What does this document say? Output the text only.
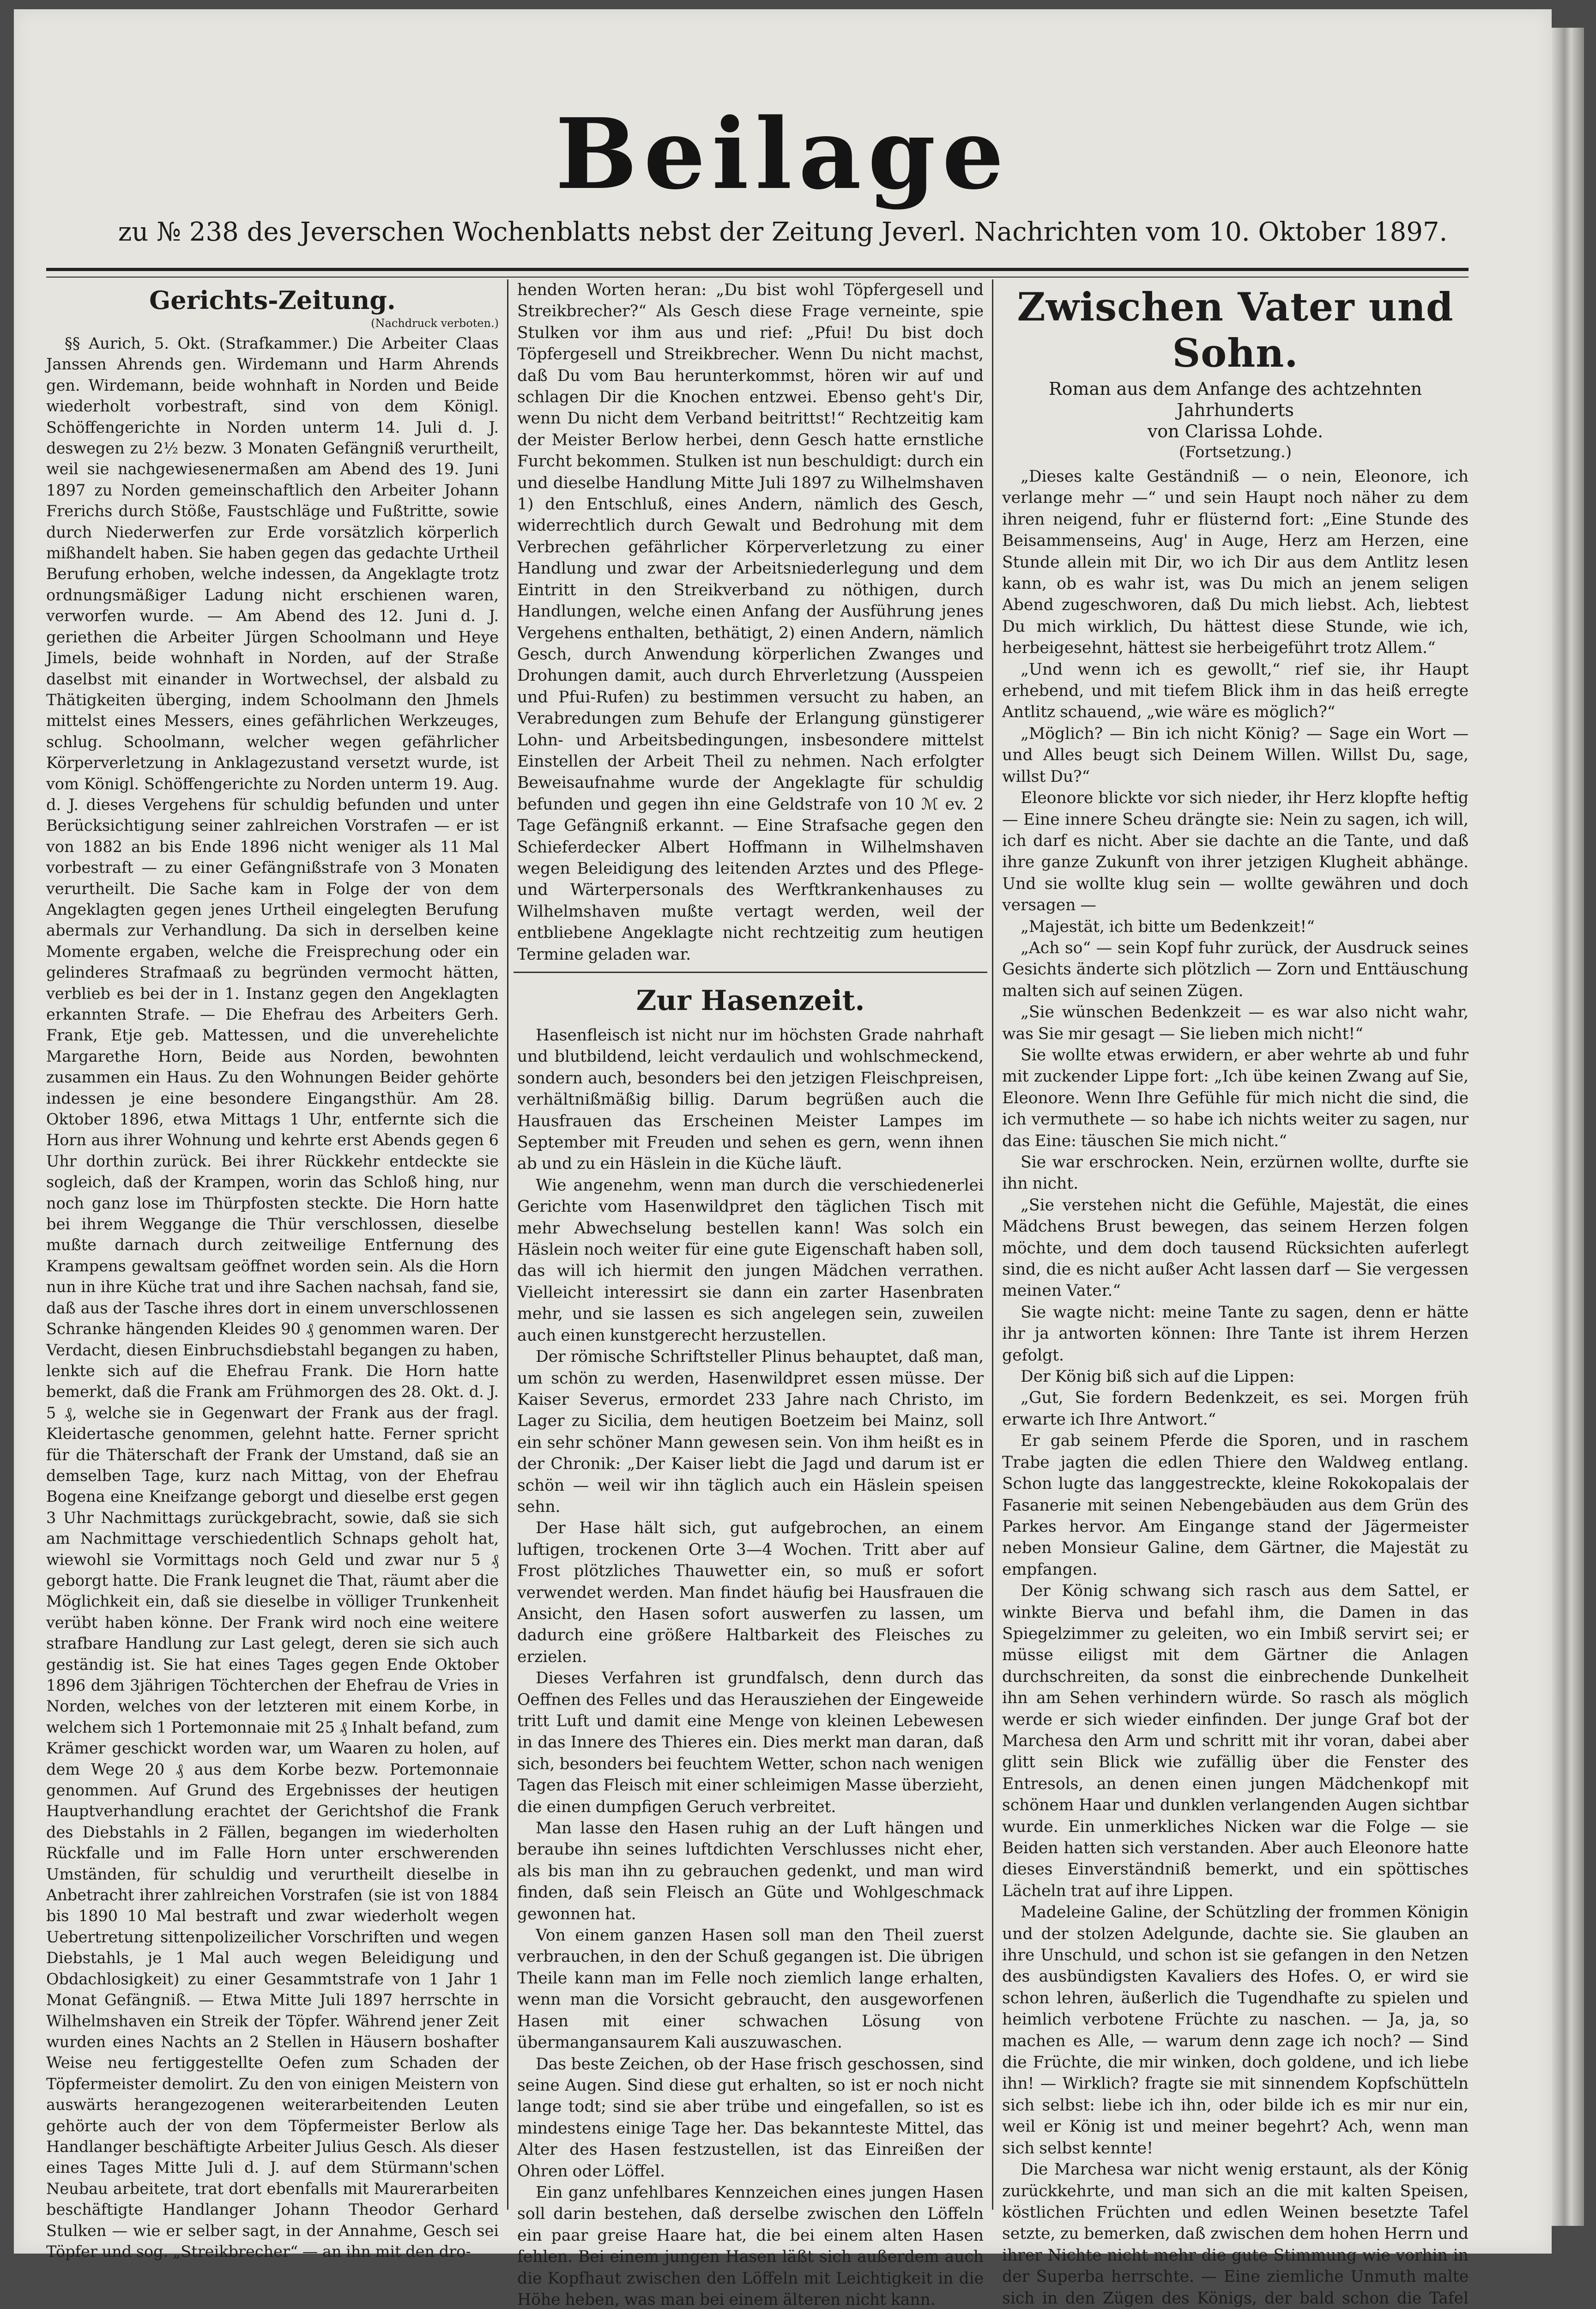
Beilage
zu № 238 des Jeverschen Wochenblatts nebst der Zeitung Jeverl. Nachrichten vom 10. Oktober 1897.
Gerichts-Zeitung.

(Nachdruck verboten.)

§§ Aurich, 5. Okt. (Strafkammer.) Die Arbeiter Claas Janssen Ahrends gen. Wirdemann und Harm Ahrends gen. Wirdemann, beide wohnhaft in Norden und Beide wiederholt vorbestraft, sind von dem Königl. Schöffengerichte in Norden unterm 14. Juli d. J. deswegen zu 2½ bezw. 3 Monaten Gefängniß verurtheilt, weil sie nachgewiesenermaßen am Abend des 19. Juni 1897 zu Norden gemeinschaftlich den Arbeiter Johann Frerichs durch Stöße, Faustschläge und Fußtritte, sowie durch Niederwerfen zur Erde vorsätzlich körperlich mißhandelt haben. Sie haben gegen das gedachte Urtheil Berufung erhoben, welche indessen, da Angeklagte trotz ordnungsmäßiger Ladung nicht erschienen waren, verworfen wurde. — Am Abend des 12. Juni d. J. geriethen die Arbeiter Jürgen Schoolmann und Heye Jimels, beide wohnhaft in Norden, auf der Straße daselbst mit einander in Wortwechsel, der alsbald zu Thätigkeiten überging, indem Schoolmann den Jhmels mittelst eines Messers, eines gefährlichen Werkzeuges, schlug. Schoolmann, welcher wegen gefährlicher Körperverletzung in Anklagezustand versetzt wurde, ist vom Königl. Schöffengerichte zu Norden unterm 19. Aug. d. J. dieses Vergehens für schuldig befunden und unter Berücksichtigung seiner zahlreichen Vorstrafen — er ist von 1882 an bis Ende 1896 nicht weniger als 11 Mal vorbestraft — zu einer Gefängnißstrafe von 3 Monaten verurtheilt. Die Sache kam in Folge der von dem Angeklagten gegen jenes Urtheil eingelegten Berufung abermals zur Verhandlung. Da sich in derselben keine Momente ergaben, welche die Freisprechung oder ein gelinderes Strafmaaß zu begründen vermocht hätten, verblieb es bei der in 1. Instanz gegen den Angeklagten erkannten Strafe. — Die Ehefrau des Arbeiters Gerh. Frank, Etje geb. Mattessen, und die unverehelichte Margarethe Horn, Beide aus Norden, bewohnten zusammen ein Haus. Zu den Wohnungen Beider gehörte indessen je eine besondere Eingangsthür. Am 28. Oktober 1896, etwa Mittags 1 Uhr, entfernte sich die Horn aus ihrer Wohnung und kehrte erst Abends gegen 6 Uhr dorthin zurück. Bei ihrer Rückkehr entdeckte sie sogleich, daß der Krampen, worin das Schloß hing, nur noch ganz lose im Thürpfosten steckte. Die Horn hatte bei ihrem Weggange die Thür verschlossen, dieselbe mußte darnach durch zeitweilige Entfernung des Krampens gewaltsam geöffnet worden sein. Als die Horn nun in ihre Küche trat und ihre Sachen nachsah, fand sie, daß aus der Tasche ihres dort in einem unverschlossenen Schranke hängenden Kleides 90 ₰ genommen waren. Der Verdacht, diesen Einbruchsdiebstahl begangen zu haben, lenkte sich auf die Ehefrau Frank. Die Horn hatte bemerkt, daß die Frank am Frühmorgen des 28. Okt. d. J. 5 ₰, welche sie in Gegenwart der Frank aus der fragl. Kleidertasche genommen, gelehnt hatte. Ferner spricht für die Thäterschaft der Frank der Umstand, daß sie an demselben Tage, kurz nach Mittag, von der Ehefrau Bogena eine Kneifzange geborgt und dieselbe erst gegen 3 Uhr Nachmittags zurückgebracht, sowie, daß sie sich am Nachmittage verschiedentlich Schnaps geholt hat, wiewohl sie Vormittags noch Geld und zwar nur 5 ₰ geborgt hatte. Die Frank leugnet die That, räumt aber die Möglichkeit ein, daß sie dieselbe in völliger Trunkenheit verübt haben könne. Der Frank wird noch eine weitere strafbare Handlung zur Last gelegt, deren sie sich auch geständig ist. Sie hat eines Tages gegen Ende Oktober 1896 dem 3jährigen Töchterchen der Ehefrau de Vries in Norden, welches von der letzteren mit einem Korbe, in welchem sich 1 Portemonnaie mit 25 ₰ Inhalt befand, zum Krämer geschickt worden war, um Waaren zu holen, auf dem Wege 20 ₰ aus dem Korbe bezw. Portemonnaie genommen. Auf Grund des Ergebnisses der heutigen Hauptverhandlung erachtet der Gerichtshof die Frank des Diebstahls in 2 Fällen, begangen im wiederholten Rückfalle und im Falle Horn unter erschwerenden Umständen, für schuldig und verurtheilt dieselbe in Anbetracht ihrer zahlreichen Vorstrafen (sie ist von 1884 bis 1890 10 Mal bestraft und zwar wiederholt wegen Uebertretung sittenpolizeilicher Vorschriften und wegen Diebstahls, je 1 Mal auch wegen Beleidigung und Obdachlosigkeit) zu einer Gesammtstrafe von 1 Jahr 1 Monat Gefängniß. — Etwa Mitte Juli 1897 herrschte in Wilhelmshaven ein Streik der Töpfer. Während jener Zeit wurden eines Nachts an 2 Stellen in Häusern boshafter Weise neu fertiggestellte Oefen zum Schaden der Töpfermeister demolirt. Zu den von einigen Meistern von auswärts herangezogenen weiterarbeitenden Leuten gehörte auch der von dem Töpfermeister Berlow als Handlanger beschäftigte Arbeiter Julius Gesch. Als dieser eines Tages Mitte Juli d. J. auf dem Stürmann'schen Neubau arbeitete, trat dort ebenfalls mit Maurerarbeiten beschäftigte Handlanger Johann Theodor Gerhard Stulken — wie er selber sagt, in der Annahme, Gesch sei Töpfer und sog. „Streikbrecher“ — an ihn mit den dro-

henden Worten heran: „Du bist wohl Töpfergesell und Streikbrecher?“ Als Gesch diese Frage verneinte, spie Stulken vor ihm aus und rief: „Pfui! Du bist doch Töpfergesell und Streikbrecher. Wenn Du nicht machst, daß Du vom Bau herunterkommst, hören wir auf und schlagen Dir die Knochen entzwei. Ebenso geht's Dir, wenn Du nicht dem Verband beitrittst!“ Rechtzeitig kam der Meister Berlow herbei, denn Gesch hatte ernstliche Furcht bekommen. Stulken ist nun beschuldigt: durch ein und dieselbe Handlung Mitte Juli 1897 zu Wilhelmshaven 1) den Entschluß, eines Andern, nämlich des Gesch, widerrechtlich durch Gewalt und Bedrohung mit dem Verbrechen gefährlicher Körperverletzung zu einer Handlung und zwar der Arbeitsniederlegung und dem Eintritt in den Streikverband zu nöthigen, durch Handlungen, welche einen Anfang der Ausführung jenes Vergehens enthalten, bethätigt, 2) einen Andern, nämlich Gesch, durch Anwendung körperlichen Zwanges und Drohungen damit, auch durch Ehrverletzung (Ausspeien und Pfui-Rufen) zu bestimmen versucht zu haben, an Verabredungen zum Behufe der Erlangung günstigerer Lohn- und Arbeitsbedingungen, insbesondere mittelst Einstellen der Arbeit Theil zu nehmen. Nach erfolgter Beweisaufnahme wurde der Angeklagte für schuldig befunden und gegen ihn eine Geldstrafe von 10 ℳ ev. 2 Tage Gefängniß erkannt. — Eine Strafsache gegen den Schieferdecker Albert Hoffmann in Wilhelmshaven wegen Beleidigung des leitenden Arztes und des Pflege- und Wärterpersonals des Werftkrankenhauses zu Wilhelmshaven mußte vertagt werden, weil der entbliebene Angeklagte nicht rechtzeitig zum heutigen Termine geladen war.

Zur Hasenzeit.

Hasenfleisch ist nicht nur im höchsten Grade nahrhaft und blutbildend, leicht verdaulich und wohlschmeckend, sondern auch, besonders bei den jetzigen Fleischpreisen, verhältnißmäßig billig. Darum begrüßen auch die Hausfrauen das Erscheinen Meister Lampes im September mit Freuden und sehen es gern, wenn ihnen ab und zu ein Häslein in die Küche läuft.

Wie angenehm, wenn man durch die verschiedenerlei Gerichte vom Hasenwildpret den täglichen Tisch mit mehr Abwechselung bestellen kann! Was solch ein Häslein noch weiter für eine gute Eigenschaft haben soll, das will ich hiermit den jungen Mädchen verrathen. Vielleicht interessirt sie dann ein zarter Hasenbraten mehr, und sie lassen es sich angelegen sein, zuweilen auch einen kunstgerecht herzustellen.

Der römische Schriftsteller Plinus behauptet, daß man, um schön zu werden, Hasenwildpret essen müsse. Der Kaiser Severus, ermordet 233 Jahre nach Christo, im Lager zu Sicilia, dem heutigen Boetzeim bei Mainz, soll ein sehr schöner Mann gewesen sein. Von ihm heißt es in der Chronik: „Der Kaiser liebt die Jagd und darum ist er schön — weil wir ihn täglich auch ein Häslein speisen sehn.

Der Hase hält sich, gut aufgebrochen, an einem luftigen, trockenen Orte 3—4 Wochen. Tritt aber auf Frost plötzliches Thauwetter ein, so muß er sofort verwendet werden. Man findet häufig bei Hausfrauen die Ansicht, den Hasen sofort auswerfen zu lassen, um dadurch eine größere Haltbarkeit des Fleisches zu erzielen.

Dieses Verfahren ist grundfalsch, denn durch das Oeffnen des Felles und das Herausziehen der Eingeweide tritt Luft und damit eine Menge von kleinen Lebewesen in das Innere des Thieres ein. Dies merkt man daran, daß sich, besonders bei feuchtem Wetter, schon nach wenigen Tagen das Fleisch mit einer schleimigen Masse überzieht, die einen dumpfigen Geruch verbreitet.

Man lasse den Hasen ruhig an der Luft hängen und beraube ihn seines luftdichten Verschlusses nicht eher, als bis man ihn zu gebrauchen gedenkt, und man wird finden, daß sein Fleisch an Güte und Wohlgeschmack gewonnen hat.

Von einem ganzen Hasen soll man den Theil zuerst verbrauchen, in den der Schuß gegangen ist. Die übrigen Theile kann man im Felle noch ziemlich lange erhalten, wenn man die Vorsicht gebraucht, den ausgeworfenen Hasen mit einer schwachen Lösung von übermangansaurem Kali auszuwaschen.

Das beste Zeichen, ob der Hase frisch geschossen, sind seine Augen. Sind diese gut erhalten, so ist er noch nicht lange todt; sind sie aber trübe und eingefallen, so ist es mindestens einige Tage her. Das bekannteste Mittel, das Alter des Hasen festzustellen, ist das Einreißen der Ohren oder Löffel.

Ein ganz unfehlbares Kennzeichen eines jungen Hasen soll darin bestehen, daß derselbe zwischen den Löffeln ein paar greise Haare hat, die bei einem alten Hasen fehlen. Bei einem jungen Hasen läßt sich außerdem auch die Kopfhaut zwischen den Löffeln mit Leichtigkeit in die Höhe heben, was man bei einem älteren nicht kann.

Zwischen Vater und Sohn.

Roman aus dem Anfange des achtzehnten Jahrhunderts

von Clarissa Lohde.

(Fortsetzung.)

„Dieses kalte Geständniß — o nein, Eleonore, ich verlange mehr —“ und sein Haupt noch näher zu dem ihren neigend, fuhr er flüsternd fort: „Eine Stunde des Beisammenseins, Aug' in Auge, Herz am Herzen, eine Stunde allein mit Dir, wo ich Dir aus dem Antlitz lesen kann, ob es wahr ist, was Du mich an jenem seligen Abend zugeschworen, daß Du mich liebst. Ach, liebtest Du mich wirklich, Du hättest diese Stunde, wie ich, herbeigesehnt, hättest sie herbeigeführt trotz Allem.“

„Und wenn ich es gewollt,“ rief sie, ihr Haupt erhebend, und mit tiefem Blick ihm in das heiß erregte Antlitz schauend, „wie wäre es möglich?“

„Möglich? — Bin ich nicht König? — Sage ein Wort — und Alles beugt sich Deinem Willen. Willst Du, sage, willst Du?“

Eleonore blickte vor sich nieder, ihr Herz klopfte heftig — Eine innere Scheu drängte sie: Nein zu sagen, ich will, ich darf es nicht. Aber sie dachte an die Tante, und daß ihre ganze Zukunft von ihrer jetzigen Klugheit abhänge. Und sie wollte klug sein — wollte gewähren und doch versagen —

„Majestät, ich bitte um Bedenkzeit!“

„Ach so“ — sein Kopf fuhr zurück, der Ausdruck seines Gesichts änderte sich plötzlich — Zorn und Enttäuschung malten sich auf seinen Zügen.

„Sie wünschen Bedenkzeit — es war also nicht wahr, was Sie mir gesagt — Sie lieben mich nicht!“

Sie wollte etwas erwidern, er aber wehrte ab und fuhr mit zuckender Lippe fort: „Ich übe keinen Zwang auf Sie, Eleonore. Wenn Ihre Gefühle für mich nicht die sind, die ich vermuthete — so habe ich nichts weiter zu sagen, nur das Eine: täuschen Sie mich nicht.“

Sie war erschrocken. Nein, erzürnen wollte, durfte sie ihn nicht.

„Sie verstehen nicht die Gefühle, Majestät, die eines Mädchens Brust bewegen, das seinem Herzen folgen möchte, und dem doch tausend Rücksichten auferlegt sind, die es nicht außer Acht lassen darf — Sie vergessen meinen Vater.“

Sie wagte nicht: meine Tante zu sagen, denn er hätte ihr ja antworten können: Ihre Tante ist ihrem Herzen gefolgt.

Der König biß sich auf die Lippen:

„Gut, Sie fordern Bedenkzeit, es sei. Morgen früh erwarte ich Ihre Antwort.“

Er gab seinem Pferde die Sporen, und in raschem Trabe jagten die edlen Thiere den Waldweg entlang. Schon lugte das langgestreckte, kleine Rokokopalais der Fasanerie mit seinen Nebengebäuden aus dem Grün des Parkes hervor. Am Eingange stand der Jägermeister neben Monsieur Galine, dem Gärtner, die Majestät zu empfangen.

Der König schwang sich rasch aus dem Sattel, er winkte Bierva und befahl ihm, die Damen in das Spiegelzimmer zu geleiten, wo ein Imbiß servirt sei; er müsse eiligst mit dem Gärtner die Anlagen durchschreiten, da sonst die einbrechende Dunkelheit ihn am Sehen verhindern würde. So rasch als möglich werde er sich wieder einfinden. Der junge Graf bot der Marchesa den Arm und schritt mit ihr voran, dabei aber glitt sein Blick wie zufällig über die Fenster des Entresols, an denen einen jungen Mädchenkopf mit schönem Haar und dunklen verlangenden Augen sichtbar wurde. Ein unmerkliches Nicken war die Folge — sie Beiden hatten sich verstanden. Aber auch Eleonore hatte dieses Einverständniß bemerkt, und ein spöttisches Lächeln trat auf ihre Lippen.

Madeleine Galine, der Schützling der frommen Königin und der stolzen Adelgunde, dachte sie. Sie glauben an ihre Unschuld, und schon ist sie gefangen in den Netzen des ausbündigsten Kavaliers des Hofes. O, er wird sie schon lehren, äußerlich die Tugendhafte zu spielen und heimlich verbotene Früchte zu naschen. — Ja, ja, so machen es Alle, — warum denn zage ich noch? — Sind die Früchte, die mir winken, doch goldene, und ich liebe ihn! — Wirklich? fragte sie mit sinnendem Kopfschütteln sich selbst: liebe ich ihn, oder bilde ich es mir nur ein, weil er König ist und meiner begehrt? Ach, wenn man sich selbst kennte!

Die Marchesa war nicht wenig erstaunt, als der König zurückkehrte, und man sich an die mit kalten Speisen, köstlichen Früchten und edlen Weinen besetzte Tafel setzte, zu bemerken, daß zwischen dem hohen Herrn und ihrer Nichte nicht mehr die gute Stimmung wie vorhin in der Superba herrschte. — Eine ziemliche Unmuth malte sich in den Zügen des Königs, der bald schon die Tafel
